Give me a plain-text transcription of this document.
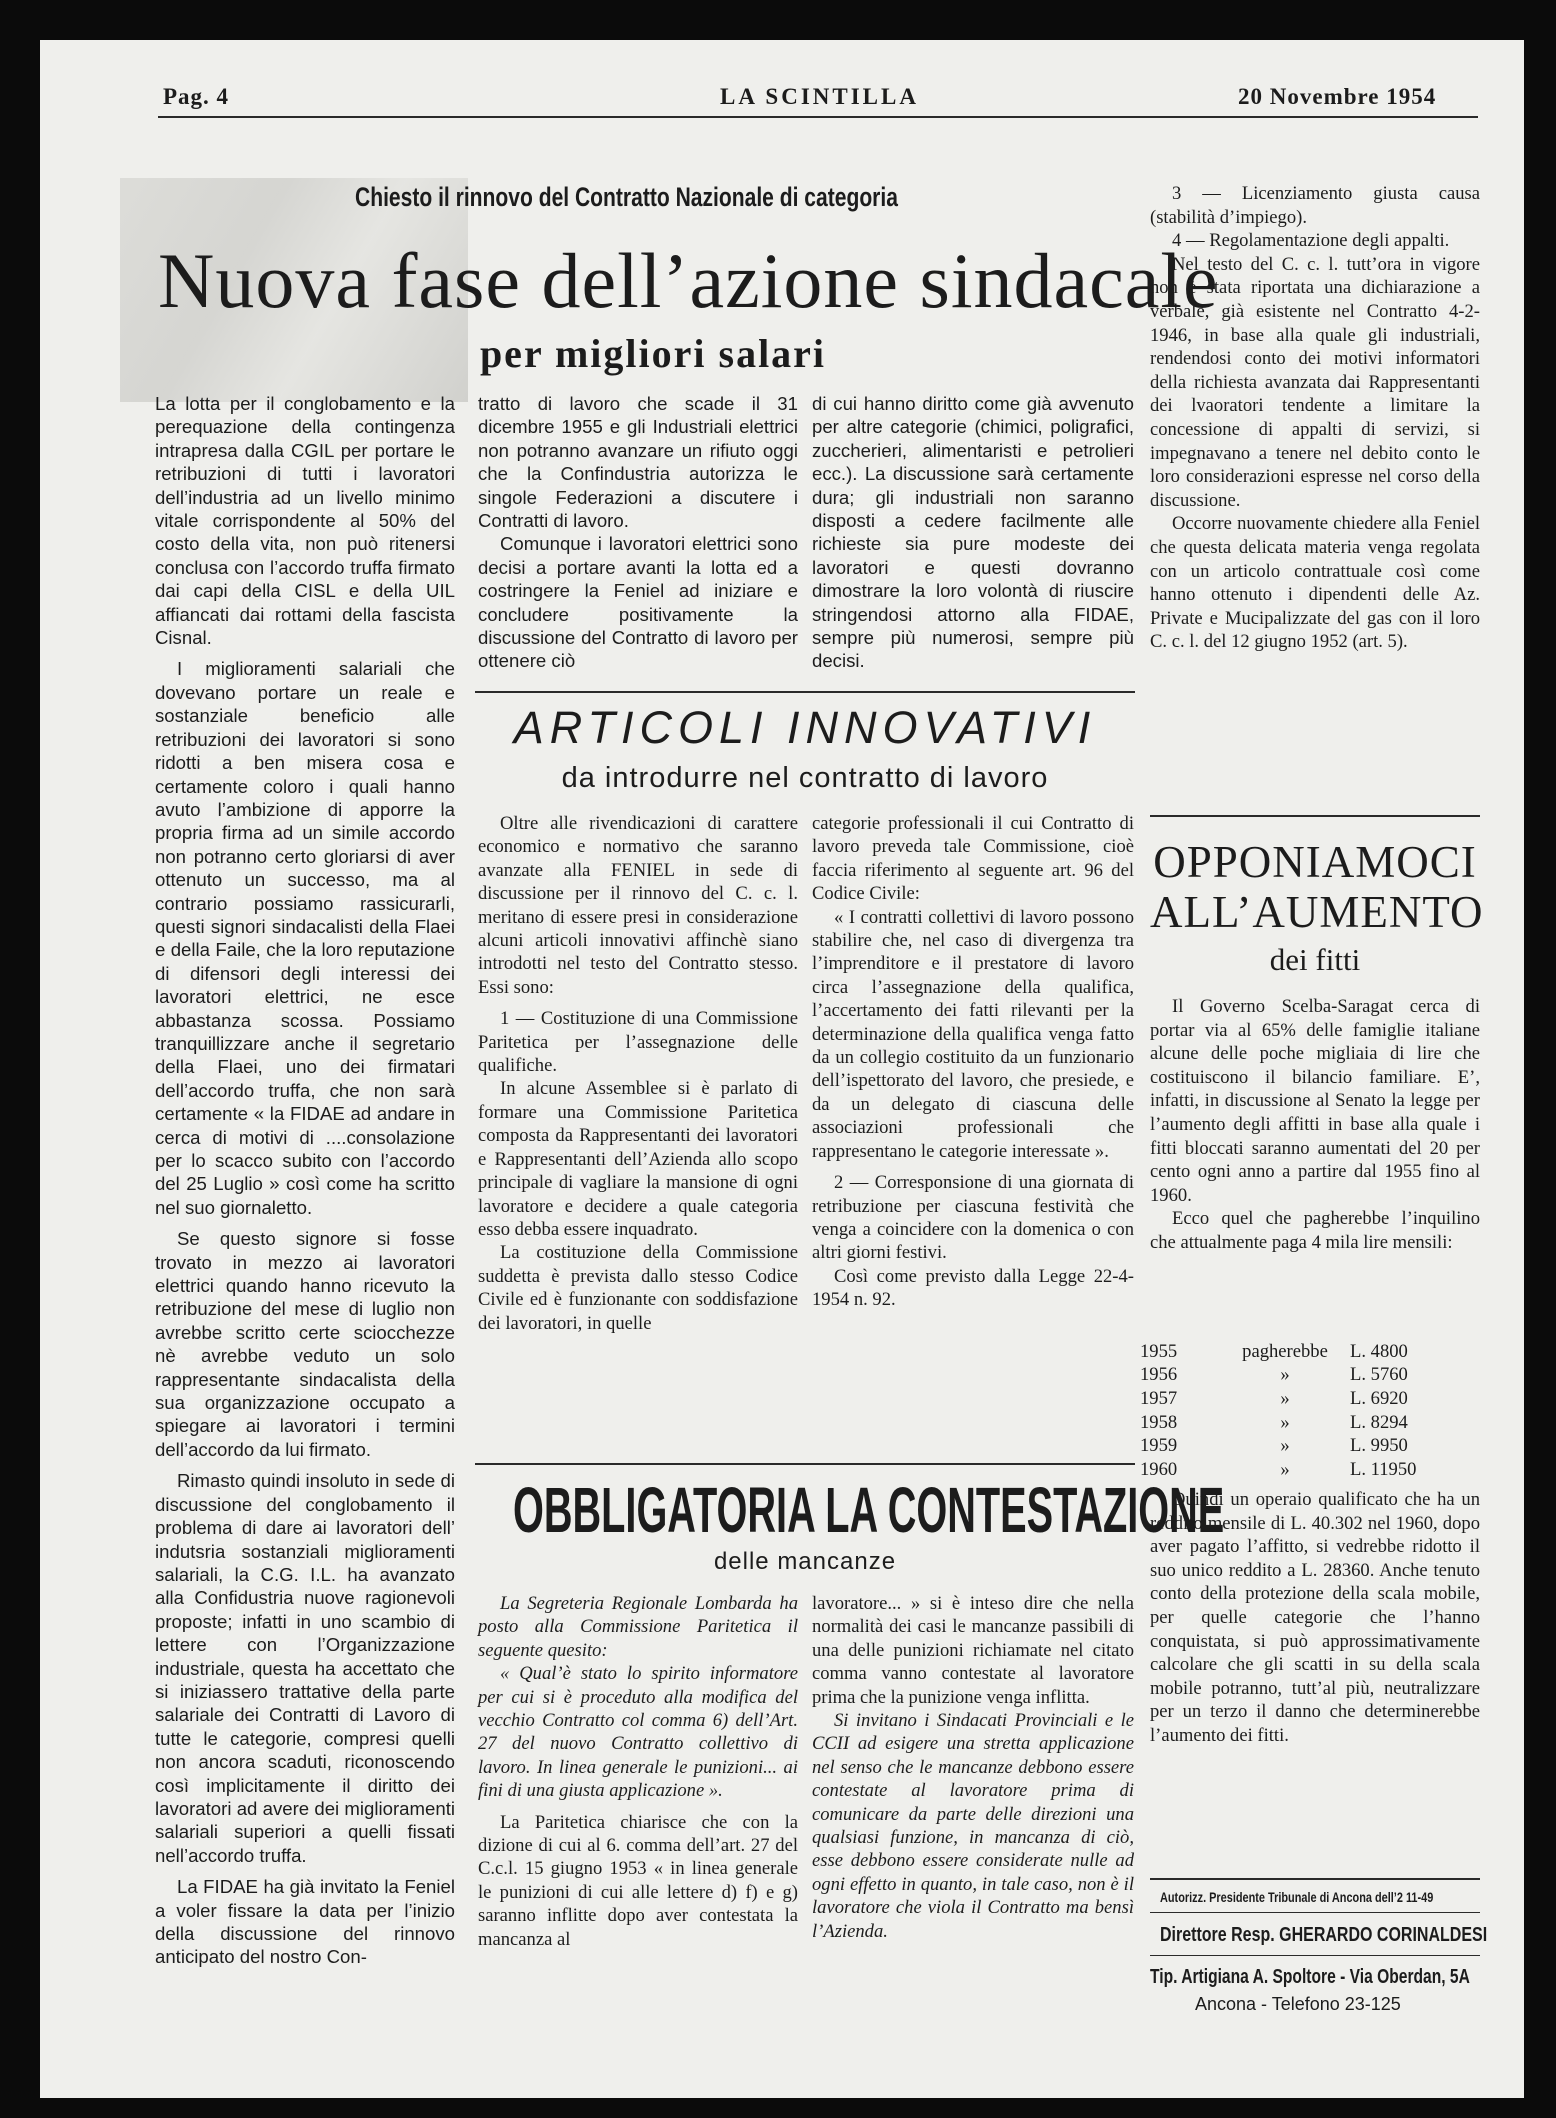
Pag. 4	LA SCINTILLA	20 Novembre 1954
Chiesto il rinnovo del Contratto Nazionale di categoria
Nuova fase dell’azione sindacale
per migliori salari

La lotta per il conglobamento e la perequazione della contingenza intrapresa dalla CGIL per portare le retribuzioni di tutti i lavoratori dell’industria ad un livello minimo vitale corrispondente al 50% del costo della vita, non può ritenersi conclusa con l’accordo truffa firmato dai capi della CISL e della UIL affiancati dai rottami della fascista Cisnal.

I miglioramenti salariali che dovevano portare un reale e sostanziale beneficio alle retribuzioni dei lavoratori si sono ridotti a ben misera cosa e certamente coloro i quali hanno avuto l’ambizione di apporre la propria firma ad un simile accordo non potranno certo gloriarsi di aver ottenuto un successo, ma al contrario possiamo rassicurarli, questi signori sindacalisti della Flaei e della Faile, che la loro reputazione di difensori degli interessi dei lavoratori elettrici, ne esce abbastanza scossa. Possiamo tranquillizzare anche il segretario della Flaei, uno dei firmatari dell’accordo truffa, che non sarà certamente « la FIDAE ad andare in cerca di motivi di ....consolazione per lo scacco subito con l’accordo del 25 Luglio » così come ha scritto nel suo giornaletto.

Se questo signore si fosse trovato in mezzo ai lavoratori elettrici quando hanno ricevuto la retribuzione del mese di luglio non avrebbe scritto certe sciocchezze nè avrebbe veduto un solo rappresentante sindacalista della sua organizzazione occupato a spiegare ai lavoratori i termini dell’accordo da lui firmato.

Rimasto quindi insoluto in sede di discussione del conglobamento il problema di dare ai lavoratori dell’ indutsria sostanziali miglioramenti salariali, la C.G. I.L. ha avanzato alla Confidustria nuove ragionevoli proposte; infatti in uno scambio di lettere con l’Organizzazione industriale, questa ha accettato che si iniziassero trattative della parte salariale dei Contratti di Lavoro di tutte le categorie, compresi quelli non ancora scaduti, riconoscendo così implicitamente il diritto dei lavoratori ad avere dei miglioramenti salariali superiori a quelli fissati nell’accordo truffa.

La FIDAE ha già invitato la Feniel a voler fissare la data per l’inizio della discussione del rinnovo anticipato del nostro Con-

tratto di lavoro che scade il 31 dicembre 1955 e gli Industriali elettrici non potranno avanzare un rifiuto oggi che la Confindustria autorizza le singole Federazioni a discutere i Contratti di lavoro.

Comunque i lavoratori elettrici sono decisi a portare avanti la lotta ed a costringere la Feniel ad iniziare e concludere positivamente la discussione del Contratto di lavoro per ottenere ciò

di cui hanno diritto come già avvenuto per altre categorie (chimici, poligrafici, zuccherieri, alimentaristi e petrolieri ecc.). La discussione sarà certamente dura; gli industriali non saranno disposti a cedere facilmente alle richieste sia pure modeste dei lavoratori e questi dovranno dimostrare la loro volontà di riuscire stringendosi attorno alla FIDAE, sempre più numerosi, sempre più decisi.

ARTICOLI INNOVATIVI
da introdurre nel contratto di lavoro

Oltre alle rivendicazioni di carattere economico e normativo che saranno avanzate alla FENIEL in sede di discussione per il rinnovo del C. c. l. meritano di essere presi in considerazione alcuni articoli innovativi affinchè siano introdotti nel testo del Contratto stesso. Essi sono:

1 — Costituzione di una Commissione Paritetica per l’assegnazione delle qualifiche.

In alcune Assemblee si è parlato di formare una Commissione Paritetica composta da Rappresentanti dei lavoratori e Rappresentanti dell’Azienda allo scopo principale di vagliare la mansione di ogni lavoratore e decidere a quale categoria esso debba essere inquadrato.

La costituzione della Commissione suddetta è prevista dallo stesso Codice Civile ed è funzionante con soddisfazione dei lavoratori, in quelle

categorie professionali il cui Contratto di lavoro preveda tale Commissione, cioè faccia riferimento al seguente art. 96 del Codice Civile:

« I contratti collettivi di lavoro possono stabilire che, nel caso di divergenza tra l’imprenditore e il prestatore di lavoro circa l’assegnazione della qualifica, l’accertamento dei fatti rilevanti per la determinazione della qualifica venga fatto da un collegio costituito da un funzionario dell’ispettorato del lavoro, che presiede, e da un delegato di ciascuna delle associazioni professionali che rappresentano le categorie interessate ».

2 — Corresponsione di una giornata di retribuzione per ciascuna festività che venga a coincidere con la domenica o con altri giorni festivi.

Così come previsto dalla Legge 22-4-1954 n. 92.

OBBLIGATORIA LA CONTESTAZIONE
delle mancanze

La Segreteria Regionale Lombarda ha posto alla Commissione Paritetica il seguente quesito:

« Qual’è stato lo spirito informatore per cui si è proceduto alla modifica del vecchio Contratto col comma 6) dell’Art. 27 del nuovo Contratto collettivo di lavoro. In linea generale le punizioni... ai fini di una giusta applicazione ».

La Paritetica chiarisce che con la dizione di cui al 6. comma dell’art. 27 del C.c.l. 15 giugno 1953 « in linea generale le punizioni di cui alle lettere d) f) e g) saranno inflitte dopo aver contestata la mancanza al

lavoratore... » si è inteso dire che nella normalità dei casi le mancanze passibili di una delle punizioni richiamate nel citato comma vanno contestate al lavoratore prima che la punizione venga inflitta.

Si invitano i Sindacati Provinciali e le CCII ad esigere una stretta applicazione nel senso che le mancanze debbono essere contestate al lavoratore prima di comunicare da parte delle direzioni una qualsiasi funzione, in mancanza di ciò, esse debbono essere considerate nulle ad ogni effetto in quanto, in tale caso, non è il lavoratore che viola il Contratto ma bensì l’Azienda.

3 — Licenziamento giusta causa (stabilità d’impiego).

4 — Regolamentazione degli appalti.

Nel testo del C. c. l. tutt’ora in vigore non è stata riportata una dichiarazione a verbale, già esistente nel Contratto 4-2-1946, in base alla quale gli industriali, rendendosi conto dei motivi informatori della richiesta avanzata dai Rappresentanti dei lvaoratori tendente a limitare la concessione di appalti di servizi, si impegnavano a tenere nel debito conto le loro considerazioni espresse nel corso della discussione.

Occorre nuovamente chiedere alla Feniel che questa delicata materia venga regolata con un articolo contrattuale così come hanno ottenuto i dipendenti delle Az. Private e Mucipalizzate del gas con il loro C. c. l. del 12 giugno 1952 (art. 5).

OPPONIAMOCI
ALL’AUMENTO
dei fitti

Il Governo Scelba-Saragat cerca di portar via al 65% delle famiglie italiane alcune delle poche migliaia di lire che costituiscono il bilancio familiare. E’, infatti, in discussione al Senato la legge per l’aumento degli affitti in base alla quale i fitti bloccati saranno aumentati del 20 per cento ogni anno a partire dal 1955 fino al 1960.

Ecco quel che pagherebbe l’inquilino che attualmente paga 4 mila lire mensili:

1955	pagherebbe	L. 4800
1956	»	L. 5760
1957	»	L. 6920
1958	»	L. 8294
1959	»	L. 9950
1960	»	L. 11950

Quindi un operaio qualificato che ha un reddito mensile di L. 40.302 nel 1960, dopo aver pagato l’affitto, si vedrebbe ridotto il suo unico reddito a L. 28360. Anche tenuto conto della protezione della scala mobile, per quelle categorie che l’hanno conquistata, si può approssimativamente calcolare che gli scatti in su della scala mobile potranno, tutt’al più, neutralizzare per un terzo il danno che determinerebbe l’aumento dei fitti.

Autorizz. Presidente Tribunale di Ancona dell’2 11-49
Direttore Resp. GHERARDO CORINALDESI
Tip. Artigiana A. Spoltore - Via Oberdan, 5A
Ancona - Telefono 23-125
